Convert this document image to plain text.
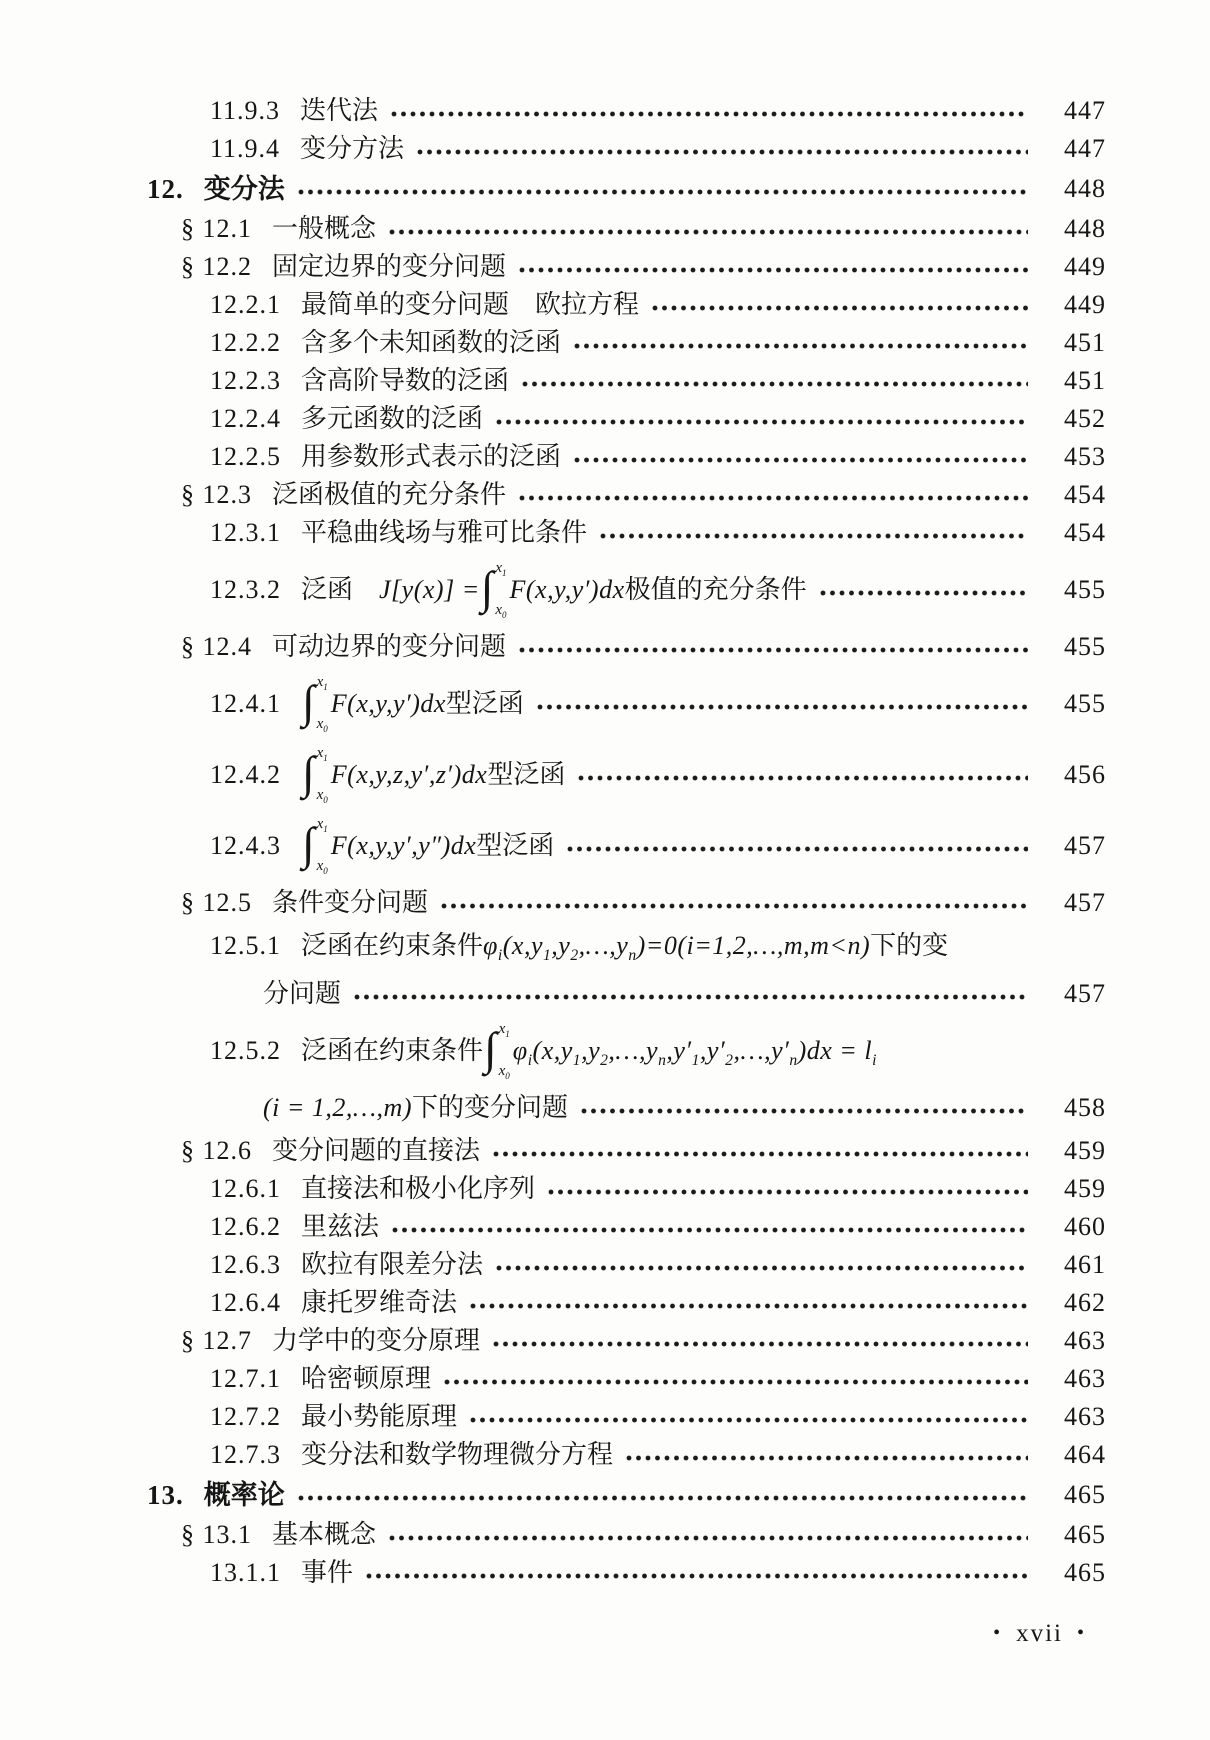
11.9.3 迭代法	447
11.9.4 变分方法	447
12. 变分法	448
§ 12.1 一般概念	448
§ 12.2 固定边界的变分问题	449
12.2.1 最简单的变分问题　欧拉方程	449
12.2.2 含多个未知函数的泛函	451
12.2.3 含高阶导数的泛函	451
12.2.4 多元函数的泛函	452
12.2.5 用参数形式表示的泛函	453
§ 12.3 泛函极值的充分条件	454
12.3.1 平稳曲线场与雅可比条件	454
12.3.2 泛函　 J[y(x)] = ∫ $x_1$
$x_0$
F(x,y,y′)dx 极值的充分条件	455
§ 12.4 可动边界的变分问题	455
12.4.1 ∫ $x_1$
$x_0$
F(x,y,y′)dx 型泛函	455
12.4.2 ∫ $x_1$
$x_0$
F(x,y,z,y′,z′)dx 型泛函	456
12.4.3 ∫ $x_1$
$x_0$
F(x,y,y′,y″)dx 型泛函	457
§ 12.5 条件变分问题	457
12.5.1 泛函在约束条件 $\varphi_i(x,y_1,y_2,\dots,y_n)=0(i=1,2,\dots,m,m<n)$ 下的变
分问题	457
12.5.2 泛函在约束条件 ∫ $x_1$
$x_0$
$\varphi_i(x,y_1,y_2,\dots,y_n,y'_1,y'_2,\dots,y'_n)dx = l_i$
(i = 1,2,…,m) 下的变分问题	458
§ 12.6 变分问题的直接法	459
12.6.1 直接法和极小化序列	459
12.6.2 里兹法	460
12.6.3 欧拉有限差分法	461
12.6.4 康托罗维奇法	462
§ 12.7 力学中的变分原理	463
12.7.1 哈密顿原理	463
12.7.2 最小势能原理	463
12.7.3 变分法和数学物理微分方程	464
13. 概率论	465
§ 13.1 基本概念	465
13.1.1 事件	465
• xvii •
